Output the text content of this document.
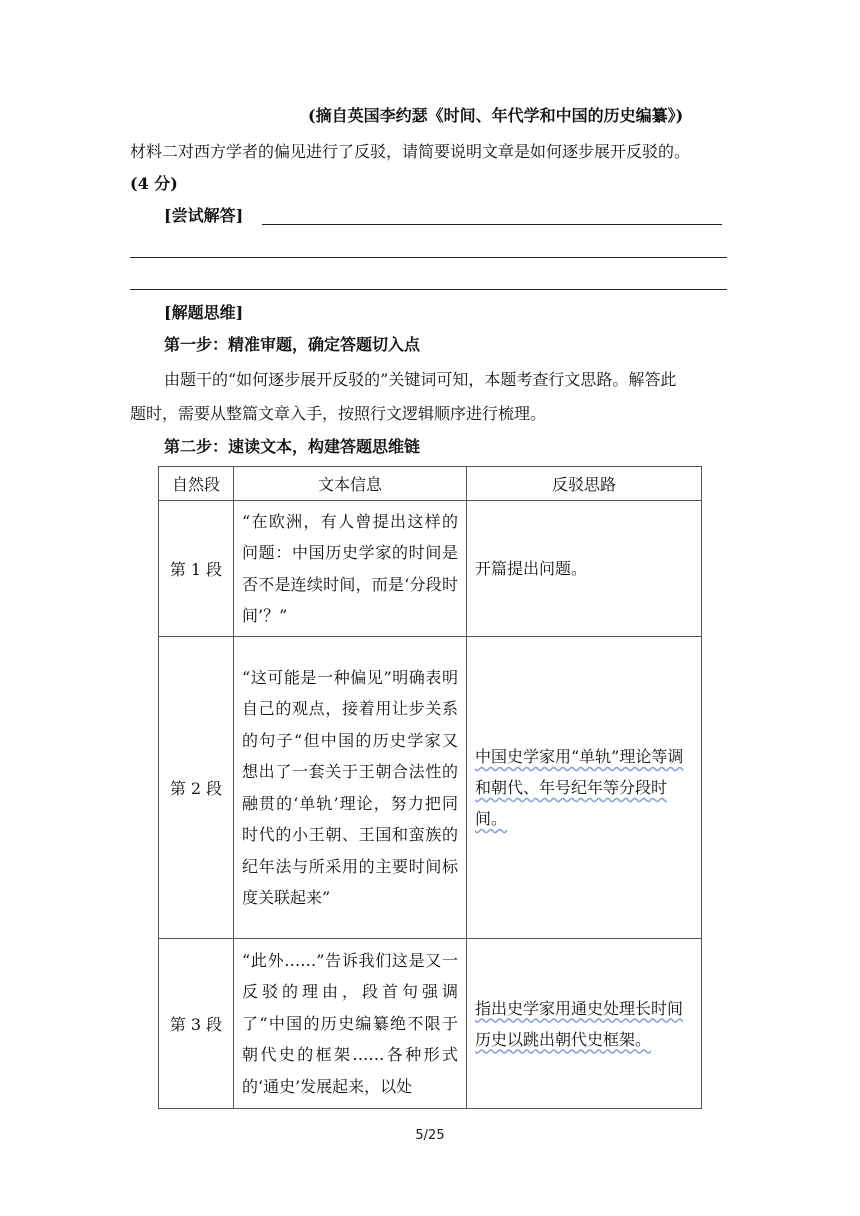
(摘自英国李约瑟《时间、年代学和中国的历史编纂》)
材料二对西方学者的偏见进行了反驳，请简要说明文章是如何逐步展开反驳的。
(4 分)
[尝试解答]
[解题思维]
第一步：精准审题，确定答题切入点
由题干的“如何逐步展开反驳的”关键词可知，本题考查行文思路。解答此
题时，需要从整篇文章入手，按照行文逻辑顺序进行梳理。
第二步：速读文本，构建答题思维链
自然段	文本信息	反驳思路
第 1 段	“在欧洲，有人曾提出这样的问题：中国历史学家的时间是否不是连续时间，而是‘分段时间’？”	开篇提出问题。
第 2 段	“这可能是一种偏见”明确表明自己的观点，接着用让步关系的句子“但中国的历史学家又想出了一套关于王朝合法性的融贯的‘单轨’理论，努力把同时代的小王朝、王国和蛮族的纪年法与所采用的主要时间标度关联起来”	中国史学家用“单轨”理论等调和朝代、年号纪年等分段时间。
第 3 段	“此外……”告诉我们这是又一反驳的理由，段首句强调了“中国的历史编纂绝不限于朝代史的框架……各种形式的‘通史’发展起来，以处	指出史学家用通史处理长时间历史以跳出朝代史框架。
5/25
